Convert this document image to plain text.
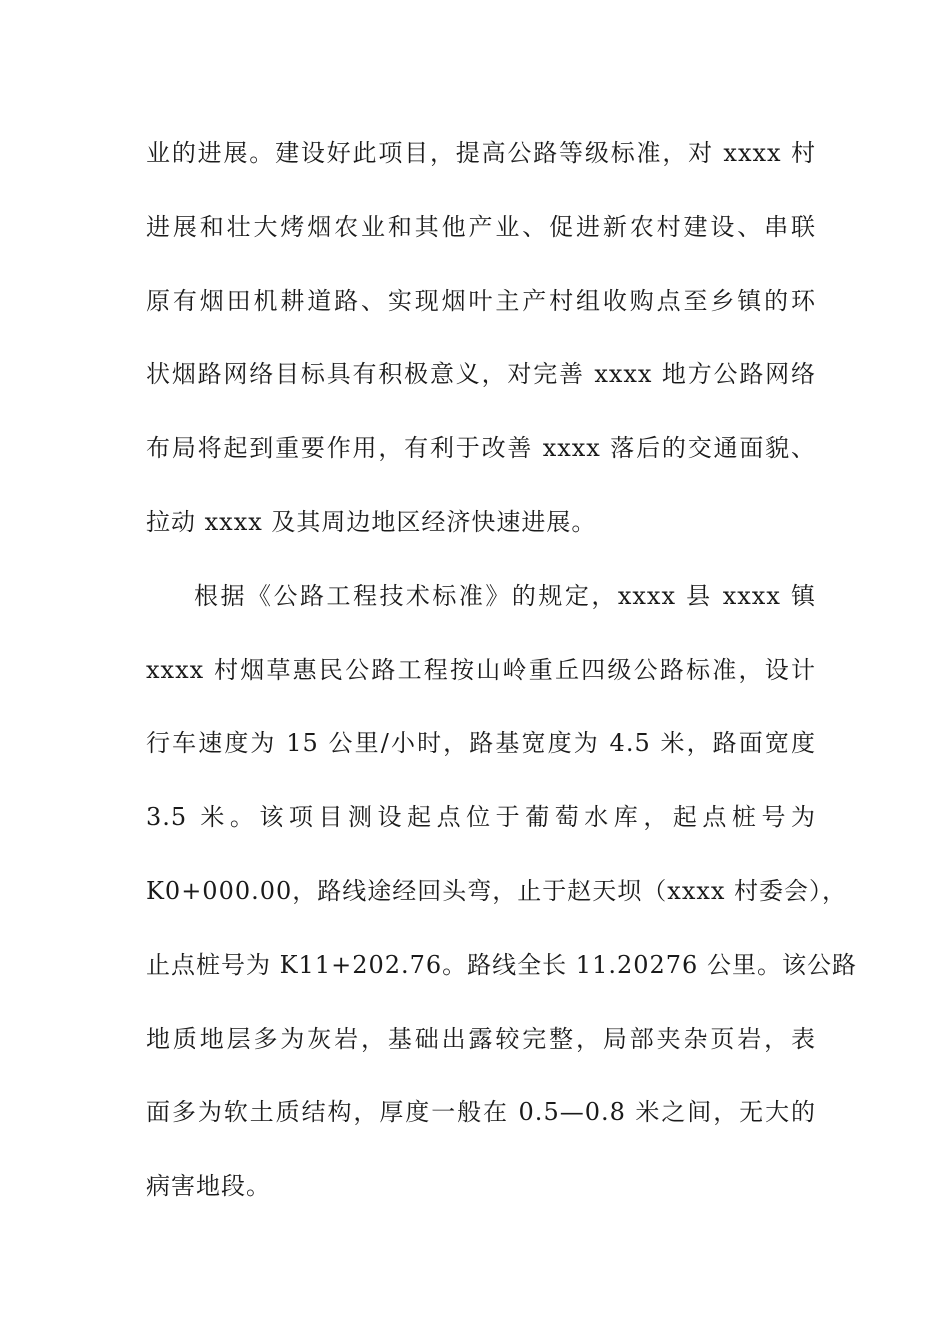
业的进展。建设好此项目，提高公路等级标准，对 xxxx 村
进展和壮大烤烟农业和其他产业、促进新农村建设、串联
原有烟田机耕道路、实现烟叶主产村组收购点至乡镇的环
状烟路网络目标具有积极意义，对完善 xxxx 地方公路网络
布局将起到重要作用，有利于改善 xxxx 落后的交通面貌、
拉动 xxxx 及其周边地区经济快速进展。
根据《公路工程技术标准》的规定，xxxx 县 xxxx 镇
xxxx 村烟草惠民公路工程按山岭重丘四级公路标准，设计
行车速度为 15 公里/小时，路基宽度为 4.5 米，路面宽度
3.5 米。该项目测设起点位于葡萄水库，起点桩号为
K0+000.00，路线途经回头弯，止于赵天坝（xxxx 村委会），
止点桩号为 K11+202.76。路线全长 11.20276 公里。该公路
地质地层多为灰岩，基础出露较完整，局部夹杂页岩，表
面多为软土质结构，厚度一般在 0.5—0.8 米之间，无大的
病害地段。
